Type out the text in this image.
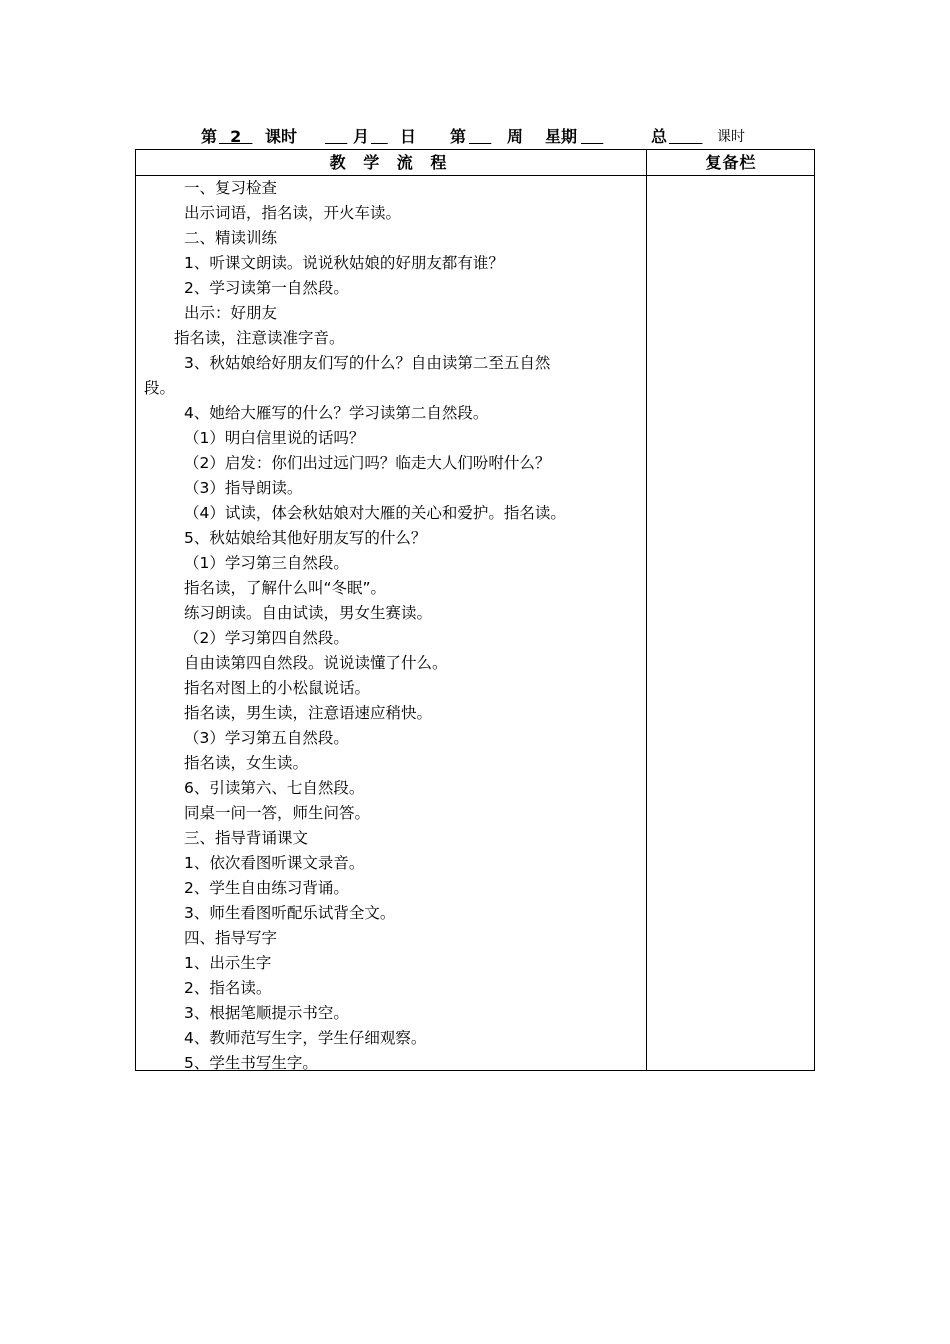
第 2 课时
	月
日 第
	周 星期
	总
	课时
教 学 流 程	复备栏
一、复习检查
出示词语，指名读，开火车读。
二、精读训练
1、听课文朗读。说说秋姑娘的好朋友都有谁？
2、学习读第一自然段。
出示：好朋友
指名读，注意读准字音。
3、秋姑娘给好朋友们写的什么？自由读第二至五自然
段。
4、她给大雁写的什么？学习读第二自然段。
（1）明白信里说的话吗？
（2）启发：你们出过远门吗？临走大人们吩咐什么？
（3）指导朗读。
（4）试读，体会秋姑娘对大雁的关心和爱护。指名读。
5、秋姑娘给其他好朋友写的什么？
（1）学习第三自然段。
指名读，了解什么叫“冬眠”。
练习朗读。自由试读，男女生赛读。
（2）学习第四自然段。
自由读第四自然段。说说读懂了什么。
指名对图上的小松鼠说话。
指名读，男生读，注意语速应稍快。
（3）学习第五自然段。
指名读，女生读。
6、引读第六、七自然段。
同桌一问一答，师生问答。
三、指导背诵课文
1、依次看图听课文录音。
2、学生自由练习背诵。
3、师生看图听配乐试背全文。
四、指导写字
1、出示生字
2、指名读。
3、根据笔顺提示书空。
4、教师范写生字，学生仔细观察。
5、学生书写生字。
